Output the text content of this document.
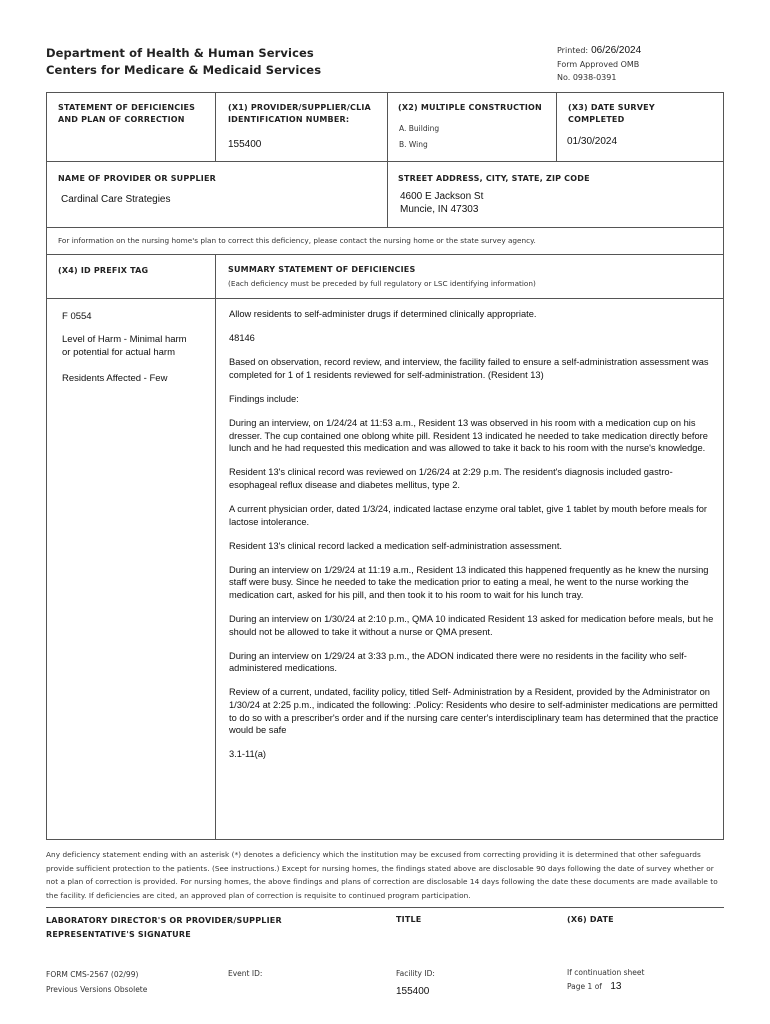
Department of Health & Human Services
Centers for Medicare & Medicaid Services
Printed: 06/26/2024
Form Approved OMB
No. 0938-0391
STATEMENT OF DEFICIENCIES
AND PLAN OF CORRECTION
(X1) PROVIDER/SUPPLIER/CLIA
IDENTIFICATION NUMBER:
155400
(X2) MULTIPLE CONSTRUCTION
A. Building
B. Wing
(X3) DATE SURVEY
COMPLETED
01/30/2024
NAME OF PROVIDER OR SUPPLIER
Cardinal Care Strategies
STREET ADDRESS, CITY, STATE, ZIP CODE
4600 E Jackson St
Muncie, IN 47303
For information on the nursing home's plan to correct this deficiency, please contact the nursing home or the state survey agency.
(X4) ID PREFIX TAG	SUMMARY STATEMENT OF DEFICIENCIES
(Each deficiency must be preceded by full regulatory or LSC identifying information)
F 0554
Level of Harm - Minimal harm
or potential for actual harm
Residents Affected - Few

Allow residents to self-administer drugs if determined clinically appropriate.

48146

Based on observation, record review, and interview, the facility failed to ensure a self-administration assessment was completed for 1 of 1 residents reviewed for self-administration. (Resident 13)

Findings include:

During an interview, on 1/24/24 at 11:53 a.m., Resident 13 was observed in his room with a medication cup on his dresser. The cup contained one oblong white pill. Resident 13 indicated he needed to take medication directly before lunch and he had requested this medication and was allowed to take it back to his room with the nurse's knowledge.

Resident 13's clinical record was reviewed on 1/26/24 at 2:29 p.m. The resident's diagnosis included gastro-esophageal reflux disease and diabetes mellitus, type 2.

A current physician order, dated 1/3/24, indicated lactase enzyme oral tablet, give 1 tablet by mouth before meals for lactose intolerance.

Resident 13's clinical record lacked a medication self-administration assessment.

During an interview on 1/29/24 at 11:19 a.m., Resident 13 indicated this happened frequently as he knew the nursing staff were busy. Since he needed to take the medication prior to eating a meal, he went to the nurse working the medication cart, asked for his pill, and then took it to his room to wait for his lunch tray.

During an interview on 1/30/24 at 2:10 p.m., QMA 10 indicated Resident 13 asked for medication before meals, but he should not be allowed to take it without a nurse or QMA present.

During an interview on 1/29/24 at 3:33 p.m., the ADON indicated there were no residents in the facility who self-administered medications.

Review of a current, undated, facility policy, titled Self- Administration by a Resident, provided by the Administrator on 1/30/24 at 2:25 p.m., indicated the following: .Policy: Residents who desire to self-administer medications are permitted to do so with a prescriber's order and if the nursing care center's interdisciplinary team has determined that the practice would be safe

3.1-11(a)

Any deficiency statement ending with an asterisk (*) denotes a deficiency which the institution may be excused from correcting providing it is determined that other safeguards provide sufficient protection to the patients. (See instructions.) Except for nursing homes, the findings stated above are disclosable 90 days following the date of survey whether or not a plan of correction is provided. For nursing homes, the above findings and plans of correction are disclosable 14 days following the date these documents are made available to the facility. If deficiencies are cited, an approved plan of correction is requisite to continued program participation.
LABORATORY DIRECTOR'S OR PROVIDER/SUPPLIER
REPRESENTATIVE'S SIGNATURE
TITLE	(X6) DATE
FORM CMS-2567 (02/99)
Previous Versions Obsolete
Event ID:	Facility ID:
155400
If continuation sheet
Page 1 of 13
